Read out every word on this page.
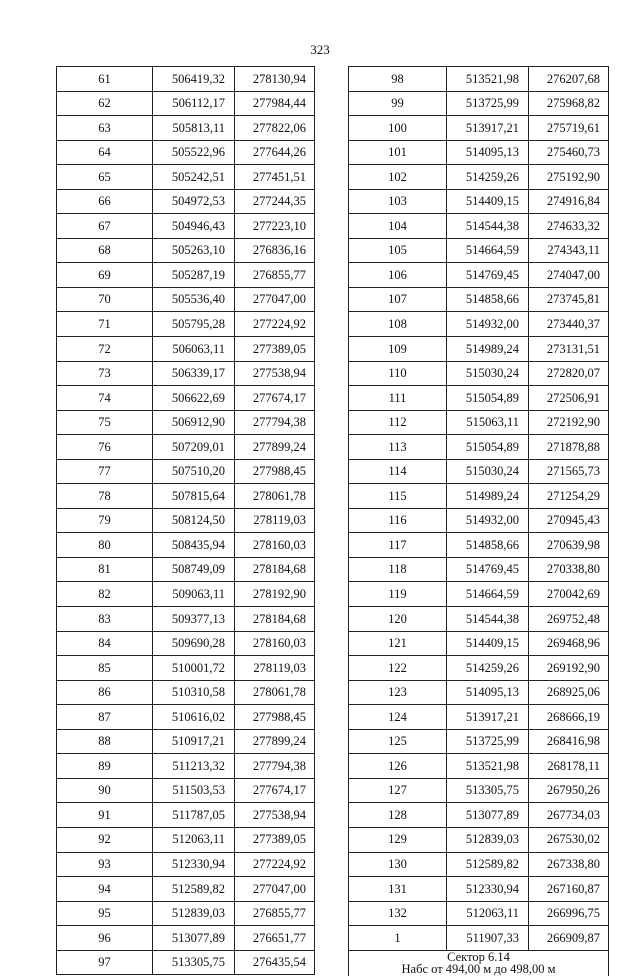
323
61	506419,32	278130,94
62	506112,17	277984,44
63	505813,11	277822,06
64	505522,96	277644,26
65	505242,51	277451,51
66	504972,53	277244,35
67	504946,43	277223,10
68	505263,10	276836,16
69	505287,19	276855,77
70	505536,40	277047,00
71	505795,28	277224,92
72	506063,11	277389,05
73	506339,17	277538,94
74	506622,69	277674,17
75	506912,90	277794,38
76	507209,01	277899,24
77	507510,20	277988,45
78	507815,64	278061,78
79	508124,50	278119,03
80	508435,94	278160,03
81	508749,09	278184,68
82	509063,11	278192,90
83	509377,13	278184,68
84	509690,28	278160,03
85	510001,72	278119,03
86	510310,58	278061,78
87	510616,02	277988,45
88	510917,21	277899,24
89	511213,32	277794,38
90	511503,53	277674,17
91	511787,05	277538,94
92	512063,11	277389,05
93	512330,94	277224,92
94	512589,82	277047,00
95	512839,03	276855,77
96	513077,89	276651,77
97	513305,75	276435,54
98	513521,98	276207,68
99	513725,99	275968,82
100	513917,21	275719,61
101	514095,13	275460,73
102	514259,26	275192,90
103	514409,15	274916,84
104	514544,38	274633,32
105	514664,59	274343,11
106	514769,45	274047,00
107	514858,66	273745,81
108	514932,00	273440,37
109	514989,24	273131,51
110	515030,24	272820,07
111	515054,89	272506,91
112	515063,11	272192,90
113	515054,89	271878,88
114	515030,24	271565,73
115	514989,24	271254,29
116	514932,00	270945,43
117	514858,66	270639,98
118	514769,45	270338,80
119	514664,59	270042,69
120	514544,38	269752,48
121	514409,15	269468,96
122	514259,26	269192,90
123	514095,13	268925,06
124	513917,21	268666,19
125	513725,99	268416,98
126	513521,98	268178,11
127	513305,75	267950,26
128	513077,89	267734,03
129	512839,03	267530,02
130	512589,82	267338,80
131	512330,94	267160,87
132	512063,11	266996,75
1	511907,33	266909,87

Сектор 6.14
Набс от 494,00 м до 498,00 м		
